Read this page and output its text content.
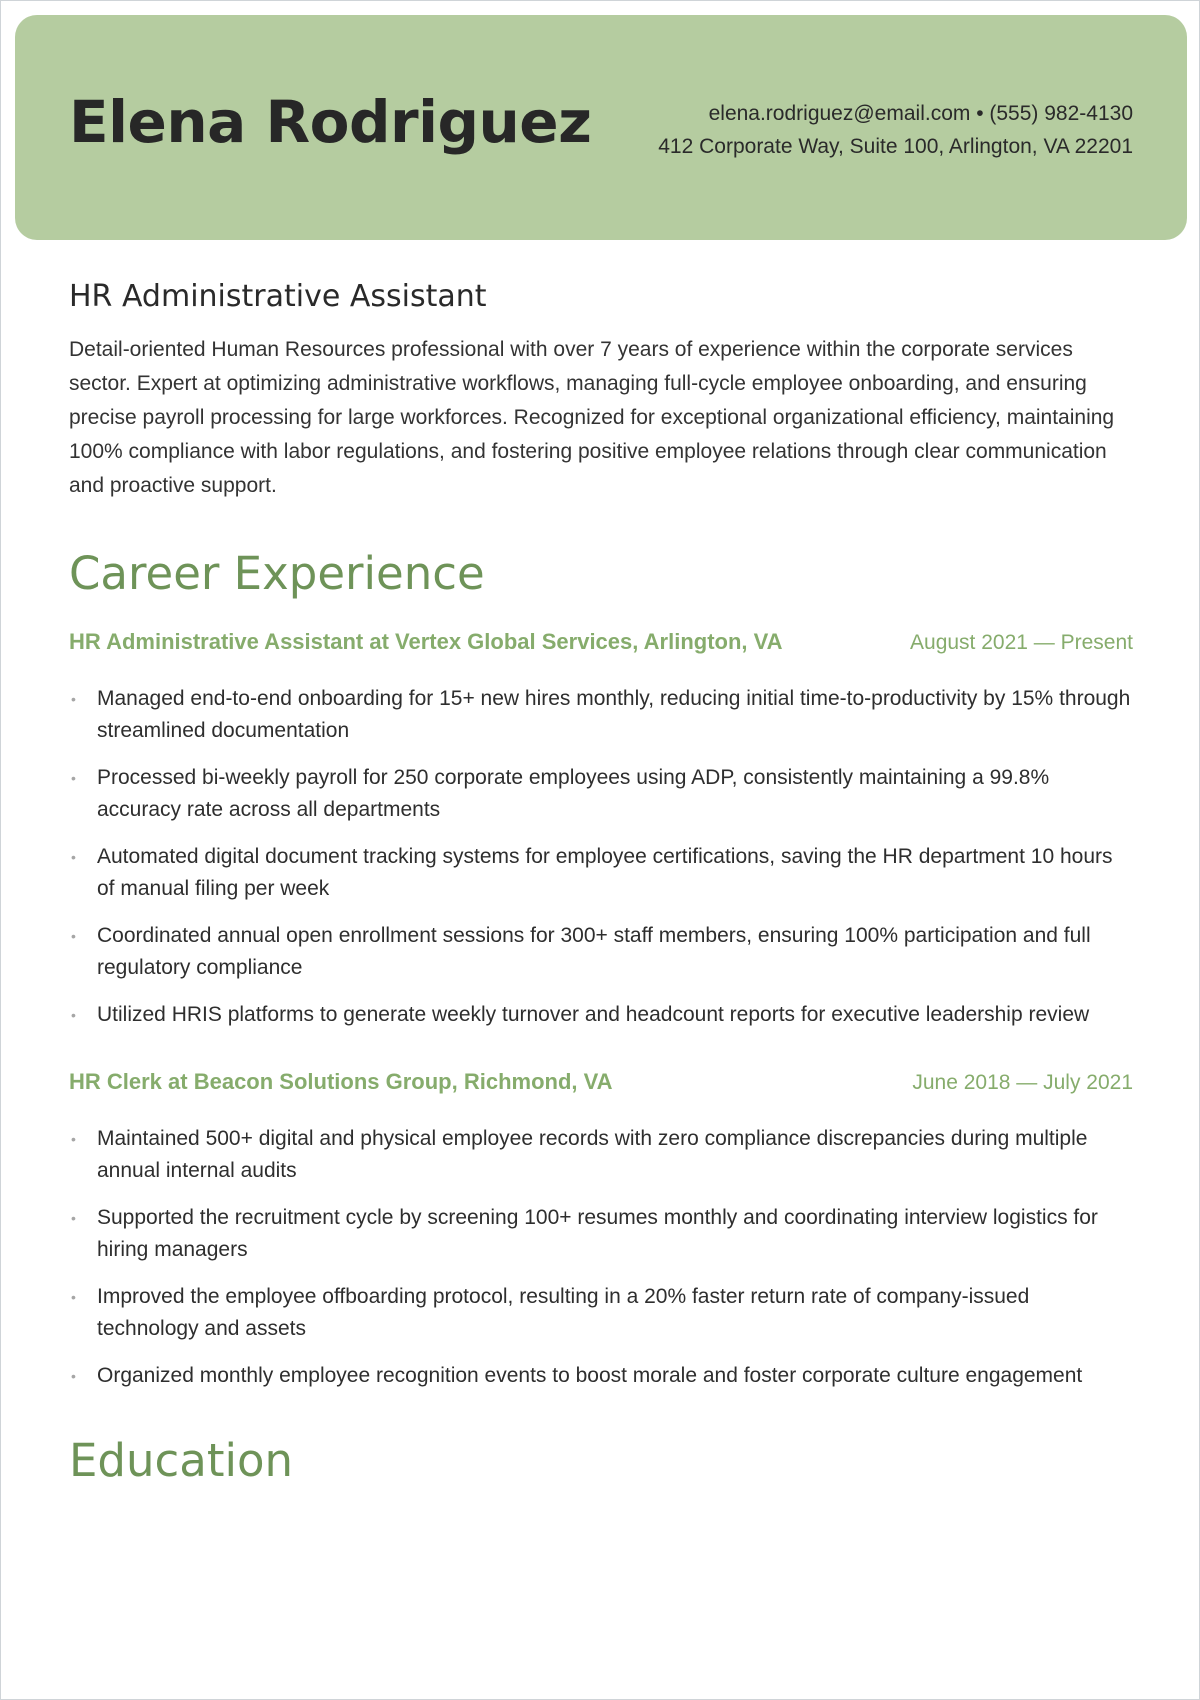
Elena Rodriguez	elena.rodriguez@email.com • (555) 982-4130
412 Corporate Way, Suite 100, Arlington, VA 22201
HR Administrative Assistant

Detail-oriented Human Resources professional with over 7 years of experience within the corporate services sector. Expert at optimizing administrative workflows, managing full-cycle employee onboarding, and ensuring precise payroll processing for large workforces. Recognized for exceptional organizational efficiency, maintaining 100% compliance with labor regulations, and fostering positive employee relations through clear communication and proactive support.

Career Experience
HR Administrative Assistant at Vertex Global Services, Arlington, VA	August 2021 — Present
• Managed end-to-end onboarding for 15+ new hires monthly, reducing initial time-to-productivity by 15% through streamlined documentation
• Processed bi-weekly payroll for 250 corporate employees using ADP, consistently maintaining a 99.8% accuracy rate across all departments
• Automated digital document tracking systems for employee certifications, saving the HR department 10 hours of manual filing per week
• Coordinated annual open enrollment sessions for 300+ staff members, ensuring 100% participation and full regulatory compliance
• Utilized HRIS platforms to generate weekly turnover and headcount reports for executive leadership review
HR Clerk at Beacon Solutions Group, Richmond, VA	June 2018 — July 2021
• Maintained 500+ digital and physical employee records with zero compliance discrepancies during multiple annual internal audits
• Supported the recruitment cycle by screening 100+ resumes monthly and coordinating interview logistics for hiring managers
• Improved the employee offboarding protocol, resulting in a 20% faster return rate of company-issued technology and assets
• Organized monthly employee recognition events to boost morale and foster corporate culture engagement
Education
